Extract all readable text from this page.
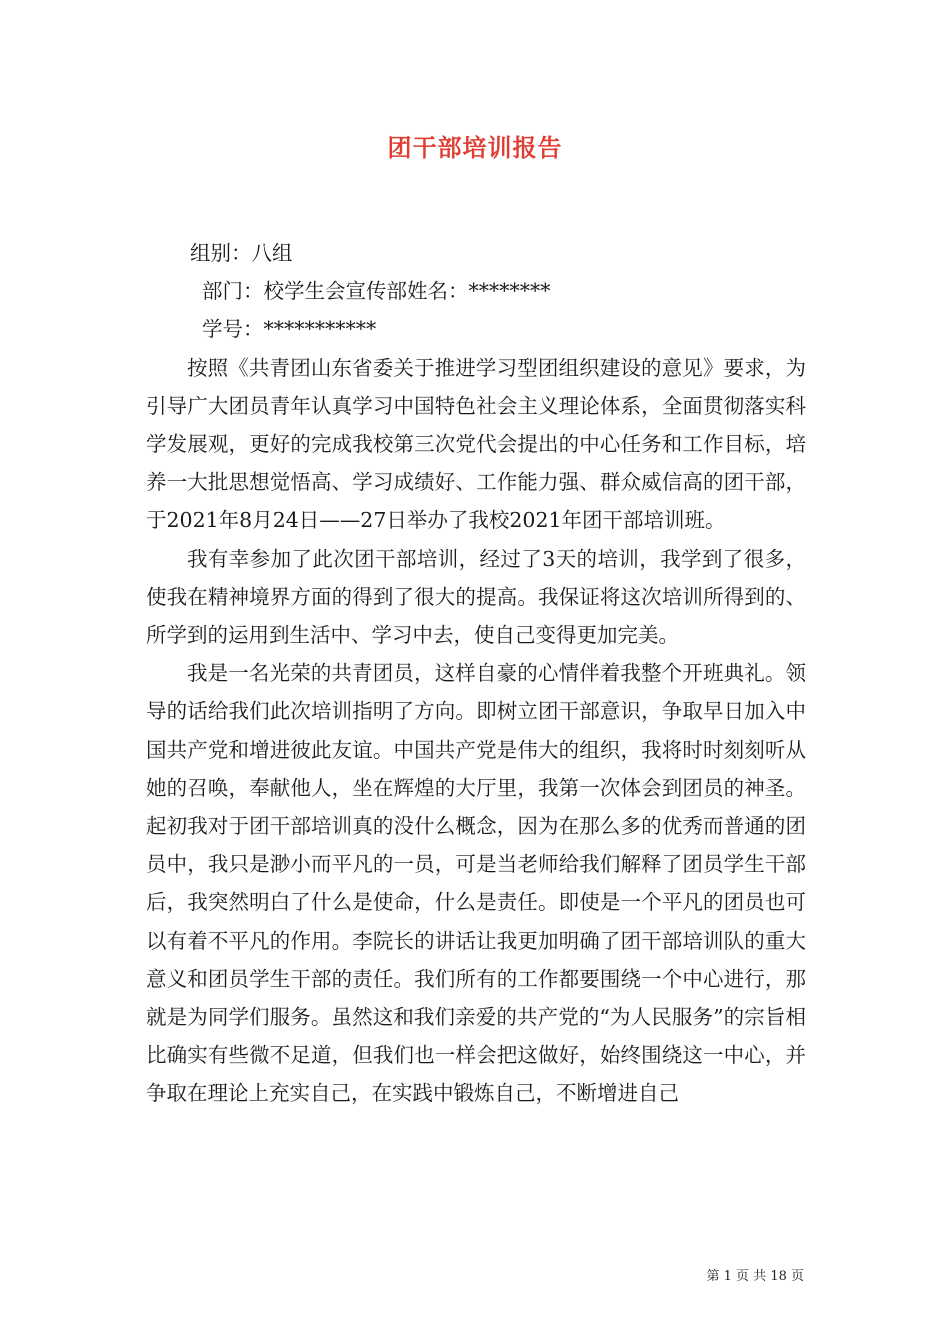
团干部培训报告

组别：八组

部门：校学生会宣传部姓名：********

学号：***********

按照《共青团山东省委关于推进学习型团组织建设的意见》要求，为引导广大团员青年认真学习中国特色社会主义理论体系，全面贯彻落实科学发展观，更好的完成我校第三次党代会提出的中心任务和工作目标，培养一大批思想觉悟高、学习成绩好、工作能力强、群众威信高的团干部，于2021年8月24日——27日举办了我校2021年团干部培训班。

我有幸参加了此次团干部培训，经过了3天的培训，我学到了很多，使我在精神境界方面的得到了很大的提高。我保证将这次培训所得到的、所学到的运用到生活中、学习中去，使自己变得更加完美。

我是一名光荣的共青团员，这样自豪的心情伴着我整个开班典礼。领导的话给我们此次培训指明了方向。即树立团干部意识，争取早日加入中国共产党和增进彼此友谊。中国共产党是伟大的组织，我将时时刻刻听从她的召唤，奉献他人，坐在辉煌的大厅里，我第一次体会到团员的神圣。起初我对于团干部培训真的没什么概念，因为在那么多的优秀而普通的团员中，我只是渺小而平凡的一员，可是当老师给我们解释了团员学生干部后，我突然明白了什么是使命，什么是责任。即使是一个平凡的团员也可以有着不平凡的作用。李院长的讲话让我更加明确了团干部培训队的重大意义和团员学生干部的责任。我们所有的工作都要围绕一个中心进行，那就是为同学们服务。虽然这和我们亲爱的共产党的“为人民服务”的宗旨相比确实有些微不足道，但我们也一样会把这做好，始终围绕这一中心，并争取在理论上充实自己，在实践中锻炼自己，不断增进自己

第 1 页 共 18 页
